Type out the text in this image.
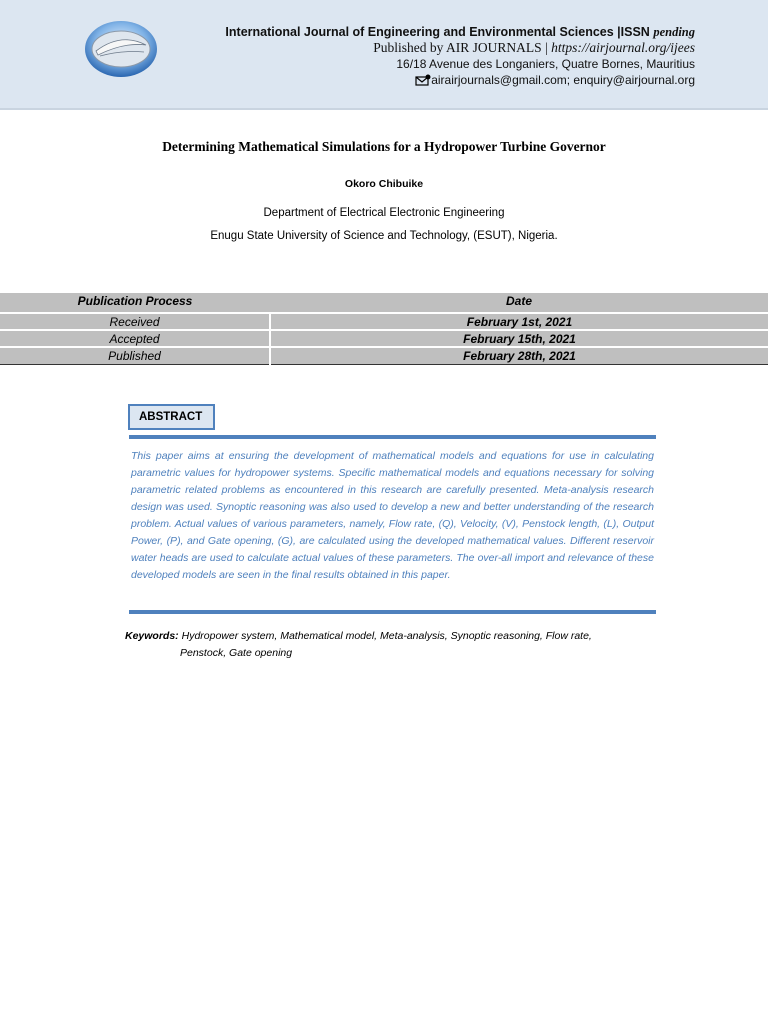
International Journal of Engineering and Environmental Sciences |ISSN pending
Published by AIR JOURNALS | https://airjournal.org/ijees
16/18 Avenue des Longaniers, Quatre Bornes, Mauritius
airairjournals@gmail.com; enquiry@airjournal.org
Determining Mathematical Simulations for a Hydropower Turbine Governor
Okoro Chibuike
Department of Electrical Electronic Engineering
Enugu State University of Science and Technology, (ESUT), Nigeria.
Publication Process	Date
Received	February 1st, 2021
Accepted	February 15th, 2021
Published	February 28th, 2021
ABSTRACT
This paper aims at ensuring the development of mathematical models and equations for use in calculating parametric values for hydropower systems. Specific mathematical models and equations necessary for solving parametric related problems as encountered in this research are carefully presented. Meta-analysis research design was used. Synoptic reasoning was also used to develop a new and better understanding of the research problem. Actual values of various parameters, namely, Flow rate, (Q), Velocity, (V), Penstock length, (L), Output Power, (P), and Gate opening, (G), are calculated using the developed mathematical values. Different reservoir water heads are used to calculate actual values of these parameters. The over-all import and relevance of these developed models are seen in the final results obtained in this paper.
Keywords: Hydropower system, Mathematical model, Meta-analysis, Synoptic reasoning, Flow rate,
Penstock, Gate opening
